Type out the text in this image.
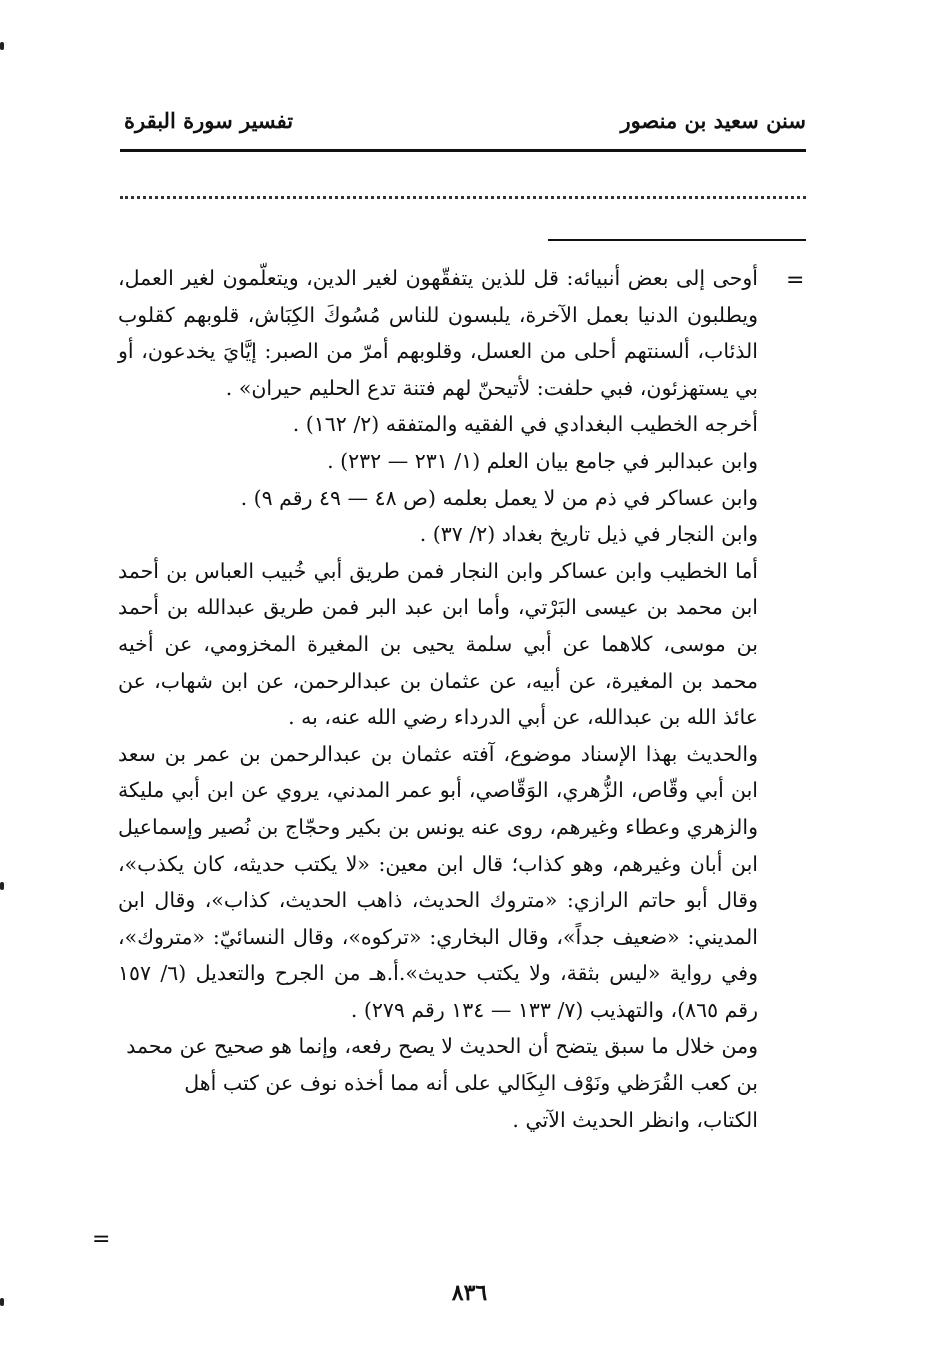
سنن سعيد بن منصور
تفسير سورة البقرة
=

أوحى إلى بعض أنبيائه: قل للذين يتفقّهون لغير الدين، ويتعلّمون لغير العمل، ويطلبون الدنيا بعمل الآخرة، يلبسون للناس مُسُوكَ الكِبَاش، قلوبهم كقلوب الذئاب، ألسنتهم أحلى من العسل، وقلوبهم أمرّ من الصبر: إيَّايَ يخدعون، أو بي يستهزئون، فبي حلفت: لأتيحنّ لهم فتنة تدع الحليم حيران» .

أخرجه الخطيب البغدادي في الفقيه والمتفقه (٢/ ١٦٢) .

وابن عبدالبر في جامع بيان العلم (١/ ٢٣١ — ٢٣٢) .

وابن عساكر في ذم من لا يعمل بعلمه (ص ٤٨ — ٤٩ رقم ٩) .

وابن النجار في ذيل تاريخ بغداد (٢/ ٣٧) .

أما الخطيب وابن عساكر وابن النجار فمن طريق أبي خُبيب العباس بن أحمد ابن محمد بن عيسى البَرْتي، وأما ابن عبد البر فمن طريق عبدالله بن أحمد بن موسى، كلاهما عن أبي سلمة يحيى بن المغيرة المخزومي، عن أخيه محمد بن المغيرة، عن أبيه، عن عثمان بن عبدالرحمن، عن ابن شهاب، عن عائذ الله بن عبدالله، عن أبي الدرداء رضي الله عنه، به .

والحديث بهذا الإسناد موضوع، آفته عثمان بن عبدالرحمن بن عمر بن سعد ابن أبي وقّاص، الزُّهري، الوَقّاصي، أبو عمر المدني، يروي عن ابن أبي مليكة والزهري وعطاء وغيرهم، روى عنه يونس بن بكير وحجّاج بن نُصير وإسماعيل ابن أبان وغيرهم، وهو كذاب؛ قال ابن معين: «لا يكتب حديثه، كان يكذب»، وقال أبو حاتم الرازي: «متروك الحديث، ذاهب الحديث، كذاب»، وقال ابن المديني: «ضعيف جداً»، وقال البخاري: «تركوه»، وقال النسائيّ: «متروك»، وفي رواية «ليس بثقة، ولا يكتب حديث».أ.هـ من الجرح والتعديل (٦/ ١٥٧ رقم ٨٦٥)، والتهذيب (٧/ ١٣٣ — ١٣٤ رقم ٢٧٩) .

ومن خلال ما سبق يتضح أن الحديث لا يصح رفعه، وإنما هو صحيح عن محمد بن كعب القُرَظي ونَوْف البِكَالي على أنه مما أخذه نوف عن كتب أهل الكتاب، وانظر الحديث الآتي .

=
٨٣٦
